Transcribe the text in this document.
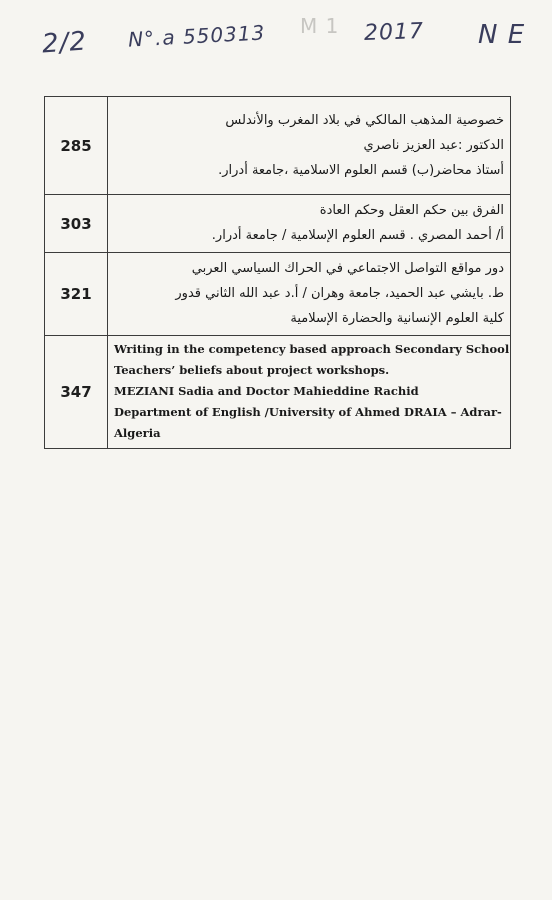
2/2 N°.a 550313 M 1 2017 N E
285	خصوصية المذهب المالكي في بلاد المغرب والأندلس
الدكتور :عبد العزيز ناصري
أستاذ محاضر(ب) قسم العلوم الاسلامية ،جامعة أدرار.

303	الفرق بين حكم العقل وحكم العادة
أ/ أحمد المصري . قسم العلوم الإسلامية / جامعة أدرار.

321	دور مواقع التواصل الاجتماعي في الحراك السياسي العربي
ط. بايشي عبد الحميد، جامعة وهران / أ.د عبد الله الثاني قدور
كلية العلوم الإنسانية والحضارة الإسلامية

347	Writing in the competency based approach Secondary School
Teachers’ beliefs about project workshops.
MEZIANI Sadia and Doctor Mahieddine Rachid
Department of English /University of Ahmed DRAIA – Adrar-
Algeria
